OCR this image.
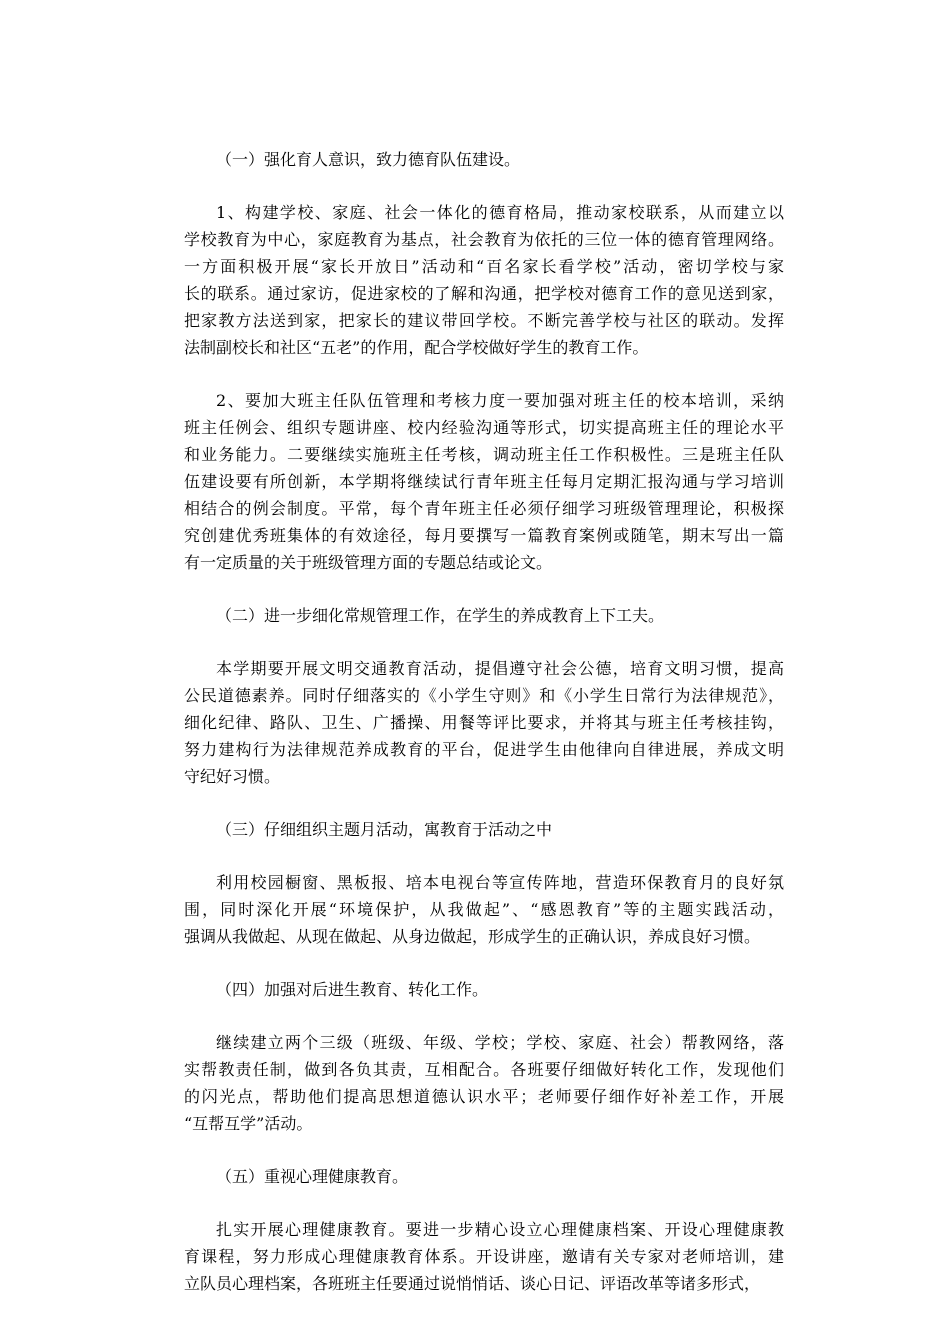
（一）强化育人意识，致力德育队伍建设。

1、构建学校、家庭、社会一体化的德育格局，推动家校联系，从而建立以
学校教育为中心，家庭教育为基点，社会教育为依托的三位一体的德育管理网络。
一方面积极开展“家长开放日”活动和“百名家长看学校”活动，密切学校与家
长的联系。通过家访，促进家校的了解和沟通，把学校对德育工作的意见送到家，
把家教方法送到家，把家长的建议带回学校。不断完善学校与社区的联动。发挥
法制副校长和社区“五老”的作用，配合学校做好学生的教育工作。
2、要加大班主任队伍管理和考核力度一要加强对班主任的校本培训，采纳
班主任例会、组织专题讲座、校内经验沟通等形式，切实提高班主任的理论水平
和业务能力。二要继续实施班主任考核，调动班主任工作积极性。三是班主任队
伍建设要有所创新，本学期将继续试行青年班主任每月定期汇报沟通与学习培训
相结合的例会制度。平常，每个青年班主任必须仔细学习班级管理理论，积极探
究创建优秀班集体的有效途径，每月要撰写一篇教育案例或随笔，期末写出一篇
有一定质量的关于班级管理方面的专题总结或论文。

（二）进一步细化常规管理工作，在学生的养成教育上下工夫。

本学期要开展文明交通教育活动，提倡遵守社会公德，培育文明习惯，提高
公民道德素养。同时仔细落实的《小学生守则》和《小学生日常行为法律规范》，
细化纪律、路队、卫生、广播操、用餐等评比要求，并将其与班主任考核挂钩，
努力建构行为法律规范养成教育的平台，促进学生由他律向自律进展，养成文明
守纪好习惯。

（三）仔细组织主题月活动，寓教育于活动之中

利用校园橱窗、黑板报、培本电视台等宣传阵地，营造环保教育月的良好氛
围，同时深化开展“环境保护，从我做起”、“感恩教育”等的主题实践活动，
强调从我做起、从现在做起、从身边做起，形成学生的正确认识，养成良好习惯。

（四）加强对后进生教育、转化工作。

继续建立两个三级（班级、年级、学校；学校、家庭、社会）帮教网络，落
实帮教责任制，做到各负其责，互相配合。各班要仔细做好转化工作，发现他们
的闪光点，帮助他们提高思想道德认识水平；老师要仔细作好补差工作，开展
“互帮互学”活动。

（五）重视心理健康教育。

扎实开展心理健康教育。要进一步精心设立心理健康档案、开设心理健康教
育课程，努力形成心理健康教育体系。开设讲座，邀请有关专家对老师培训，建
立队员心理档案，各班班主任要通过说悄悄话、谈心日记、评语改革等诸多形式，
